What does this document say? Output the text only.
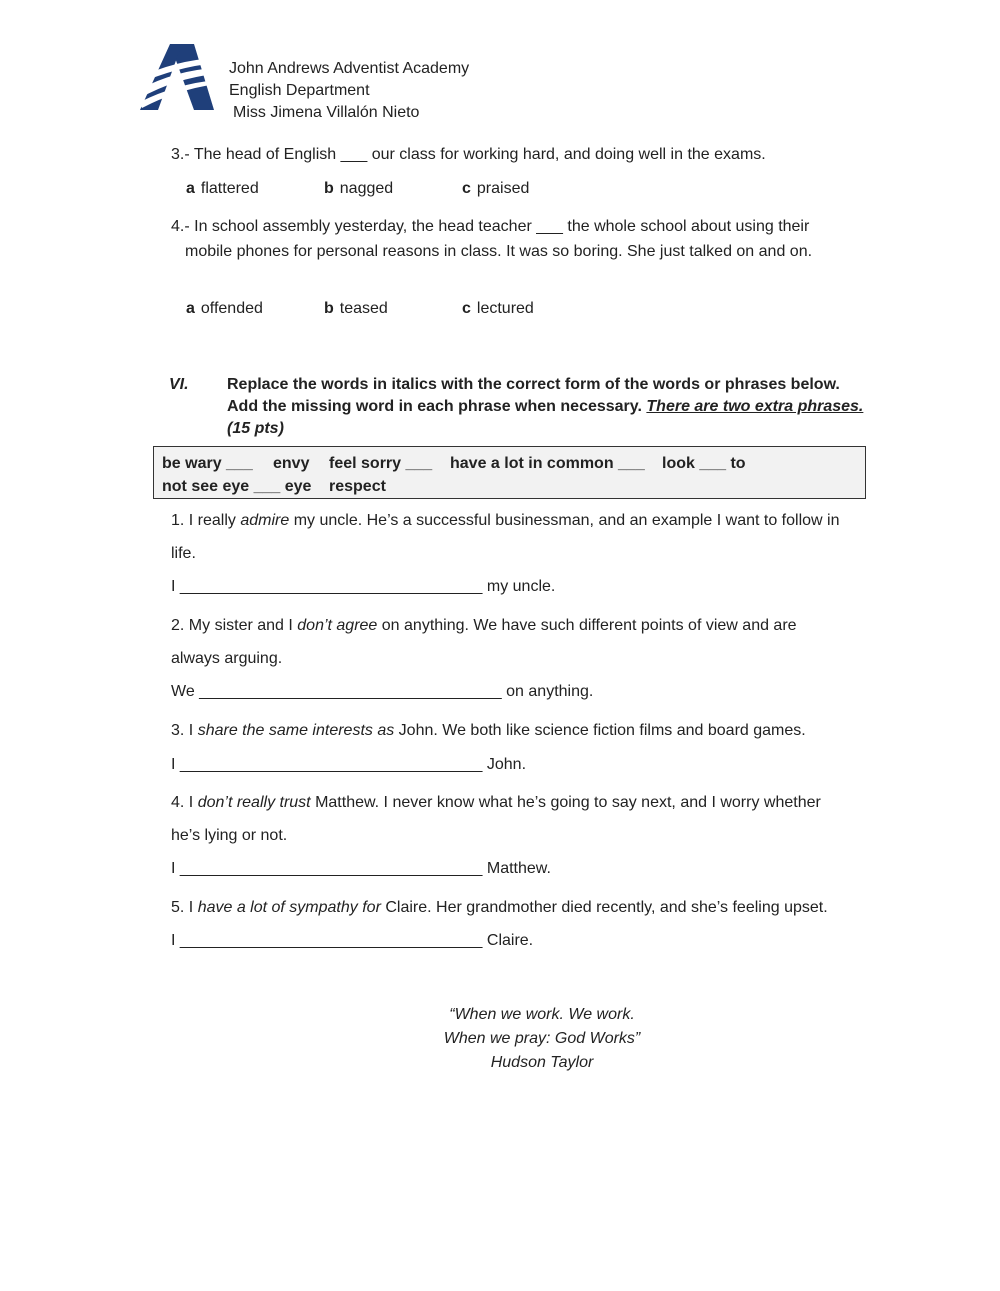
John Andrews Adventist Academy
English Department
Miss Jimena Villalón Nieto
3.- The head of English ___ our class for working hard, and doing well in the exams.
a flattered	b nagged	c praised
4.- In school assembly yesterday, the head teacher ___ the whole school about using their
mobile phones for personal reasons in class. It was so boring. She just talked on and on.
a offended	b teased	c lectured
VI. Replace the words in italics with the correct form of the words or phrases below.
Add the missing word in each phrase when necessary. There are two extra phrases.
(15 pts)
be wary ___ envy feel sorry ___ have a lot in common ___ look ___ to
not see eye ___ eye respect
1. I really admire my uncle. He’s a successful businessman, and an example I want to follow in
life.
I __________________________________ my uncle.
2. My sister and I don’t agree on anything. We have such different points of view and are
always arguing.
We __________________________________ on anything.
3. I share the same interests as John. We both like science fiction films and board games.
I __________________________________ John.
4. I don’t really trust Matthew. I never know what he’s going to say next, and I worry whether
he’s lying or not.
I __________________________________ Matthew.
5. I have a lot of sympathy for Claire. Her grandmother died recently, and she’s feeling upset.
I __________________________________ Claire.
“When we work. We work.
When we pray: God Works”
Hudson Taylor
